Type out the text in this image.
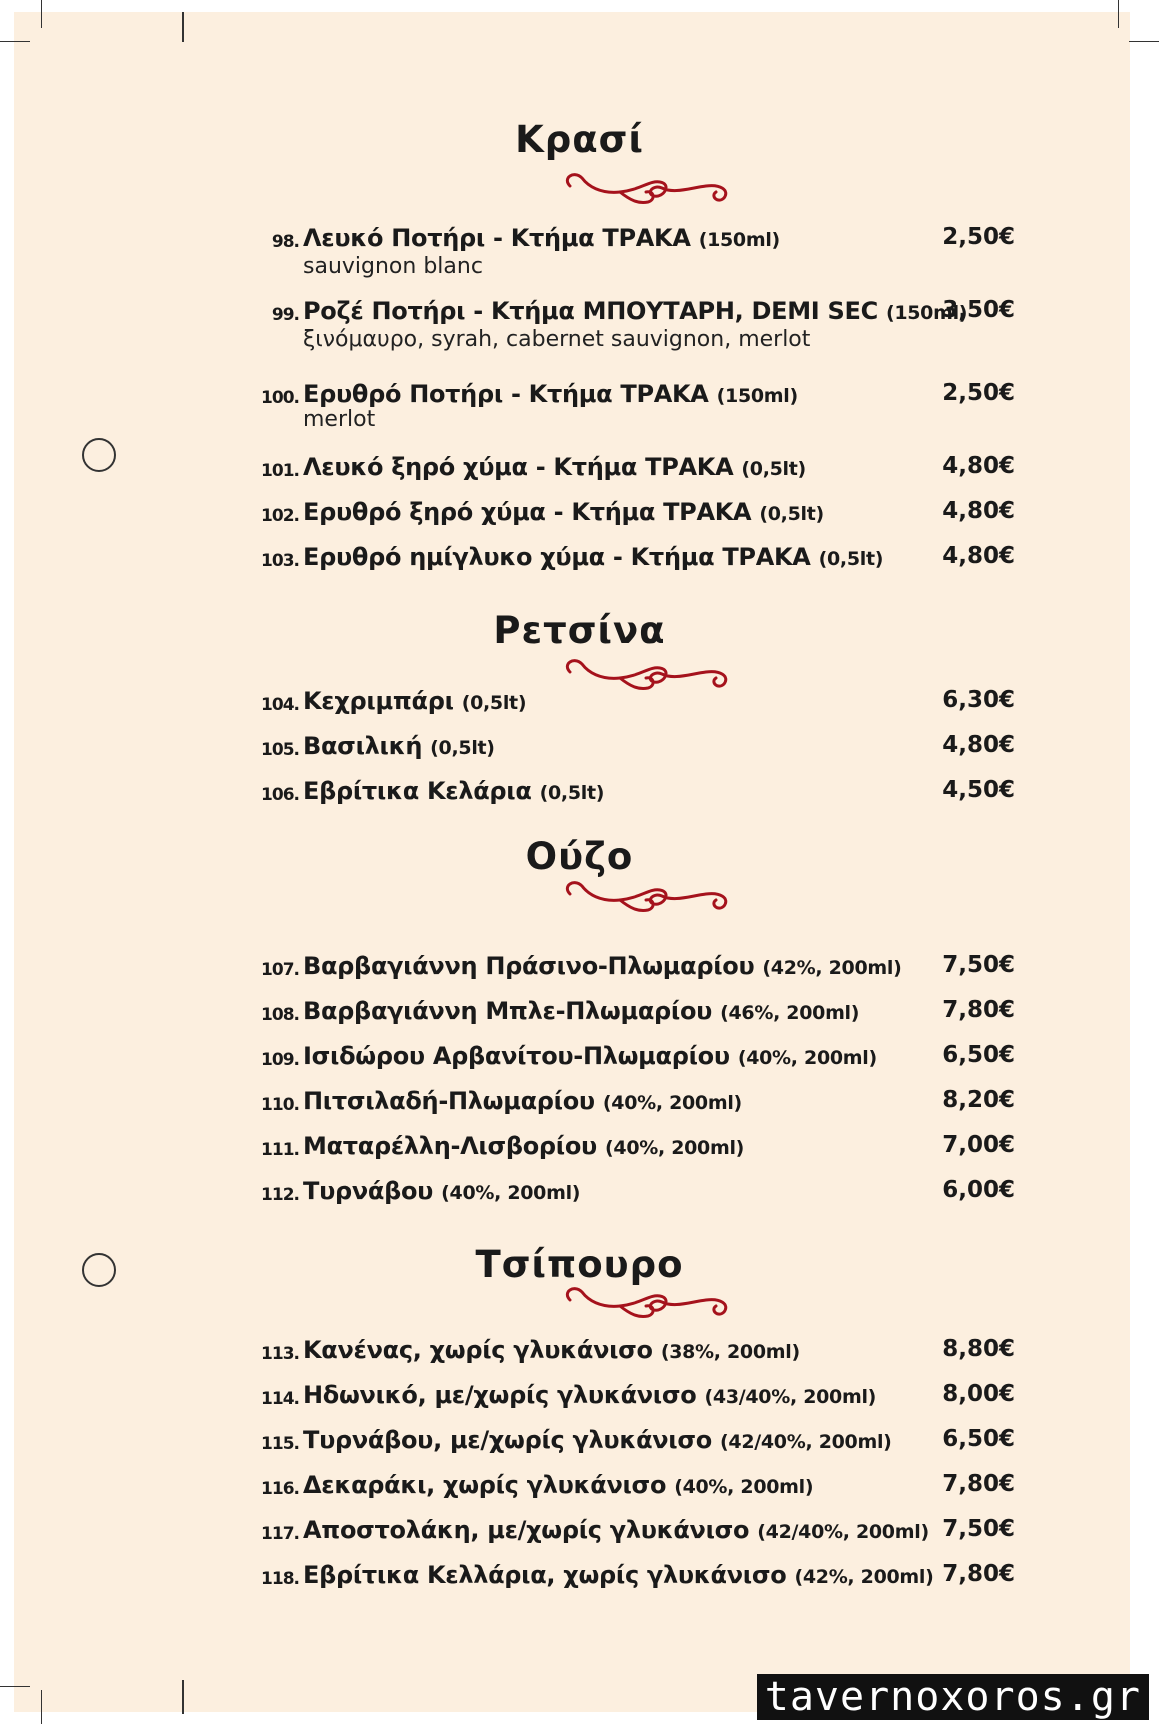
Κρασί
98. Λευκό Ποτήρι - Κτήμα ΤΡΑΚΑ (150ml)
sauvignon blanc
2,50€
99. Ροζέ Ποτήρι - Κτήμα ΜΠΟΥΤΑΡΗ, DEMI SEC (150ml)
ξινόμαυρο, syrah, cabernet sauvignon, merlot
3,50€
100. Ερυθρό Ποτήρι - Κτήμα ΤΡΑΚΑ (150ml)
merlot
2,50€
101. Λευκό ξηρό χύμα - Κτήμα ΤΡΑΚΑ (0,5lt)	4,80€
102. Ερυθρό ξηρό χύμα - Κτήμα ΤΡΑΚΑ (0,5lt)	4,80€
103. Ερυθρό ημίγλυκο χύμα - Κτήμα ΤΡΑΚΑ (0,5lt)	4,80€
Ρετσίνα
104. Κεχριμπάρι (0,5lt)	6,30€
105. Βασιλική (0,5lt)	4,80€
106. Εβρίτικα Κελάρια (0,5lt)	4,50€
Ούζο
107. Βαρβαγιάννη Πράσινο-Πλωμαρίου (42%, 200ml) 7,50€
108. Βαρβαγιάννη Μπλε-Πλωμαρίου (46%, 200ml)	7,80€
109. Ισιδώρου Αρβανίτου-Πλωμαρίου (40%, 200ml)	6,50€
110. Πιτσιλαδή-Πλωμαρίου (40%, 200ml)	8,20€
111. Ματαρέλλη-Λισβορίου (40%, 200ml)	7,00€
112. Τυρνάβου (40%, 200ml)	6,00€
Τσίπουρο
113. Κανένας, χωρίς γλυκάνισο (38%, 200ml)	8,80€
114. Ηδωνικό, με/χωρίς γλυκάνισο (43/40%, 200ml)	8,00€
115. Τυρνάβου, με/χωρίς γλυκάνισο (42/40%, 200ml) 6,50€
116. Δεκαράκι, χωρίς γλυκάνισο (40%, 200ml)	7,80€
117. Αποστολάκη, με/χωρίς γλυκάνισο (42/40%, 200ml) 7,50€
118. Εβρίτικα Κελλάρια, χωρίς γλυκάνισο (42%, 200ml) 7,80€
tavernoxoros.gr
